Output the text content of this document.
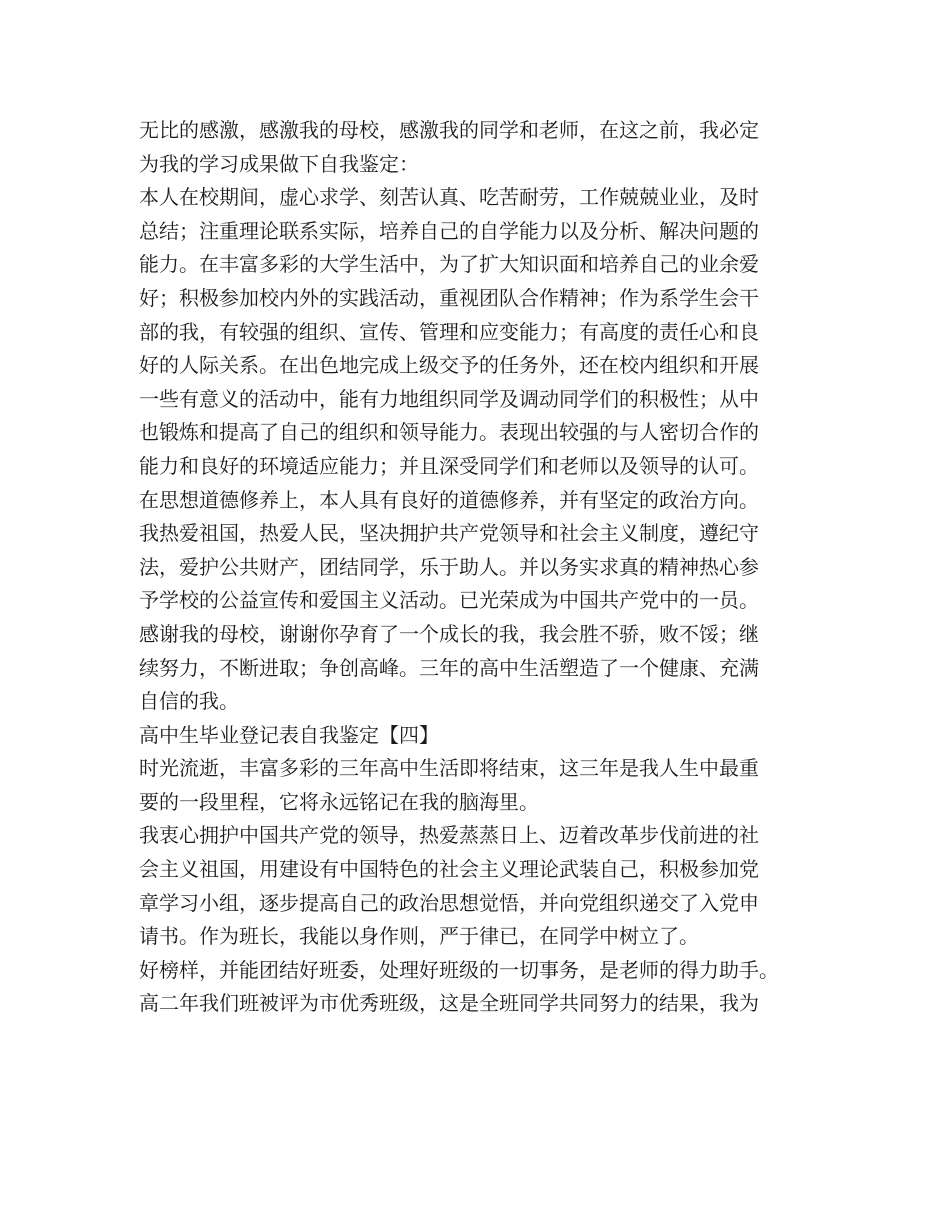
无比的感激，感激我的母校，感激我的同学和老师，在这之前，我必定
为我的学习成果做下自我鉴定：
本人在校期间，虚心求学、刻苦认真、吃苦耐劳，工作兢兢业业，及时
总结；注重理论联系实际，培养自己的自学能力以及分析、解决问题的
能力。在丰富多彩的大学生活中，为了扩大知识面和培养自己的业余爱
好；积极参加校内外的实践活动，重视团队合作精神；作为系学生会干
部的我，有较强的组织、宣传、管理和应变能力；有高度的责任心和良
好的人际关系。在出色地完成上级交予的任务外，还在校内组织和开展
一些有意义的活动中，能有力地组织同学及调动同学们的积极性；从中
也锻炼和提高了自己的组织和领导能力。表现出较强的与人密切合作的
能力和良好的环境适应能力；并且深受同学们和老师以及领导的认可。
在思想道德修养上，本人具有良好的道德修养，并有坚定的政治方向。
我热爱祖国，热爱人民，坚决拥护共产党领导和社会主义制度，遵纪守
法，爱护公共财产，团结同学，乐于助人。并以务实求真的精神热心参
予学校的公益宣传和爱国主义活动。已光荣成为中国共产党中的一员。
感谢我的母校，谢谢你孕育了一个成长的我，我会胜不骄，败不馁；继
续努力，不断进取；争创高峰。三年的高中生活塑造了一个健康、充满
自信的我。
高中生毕业登记表自我鉴定【四】
时光流逝，丰富多彩的三年高中生活即将结束，这三年是我人生中最重
要的一段里程，它将永远铭记在我的脑海里。
我衷心拥护中国共产党的领导，热爱蒸蒸日上、迈着改革步伐前进的社
会主义祖国，用建设有中国特色的社会主义理论武装自己，积极参加党
章学习小组，逐步提高自己的政治思想觉悟，并向党组织递交了入党申
请书。作为班长，我能以身作则，严于律已，在同学中树立了。
好榜样，并能团结好班委，处理好班级的一切事务，是老师的得力助手。
高二年我们班被评为市优秀班级，这是全班同学共同努力的结果，我为
